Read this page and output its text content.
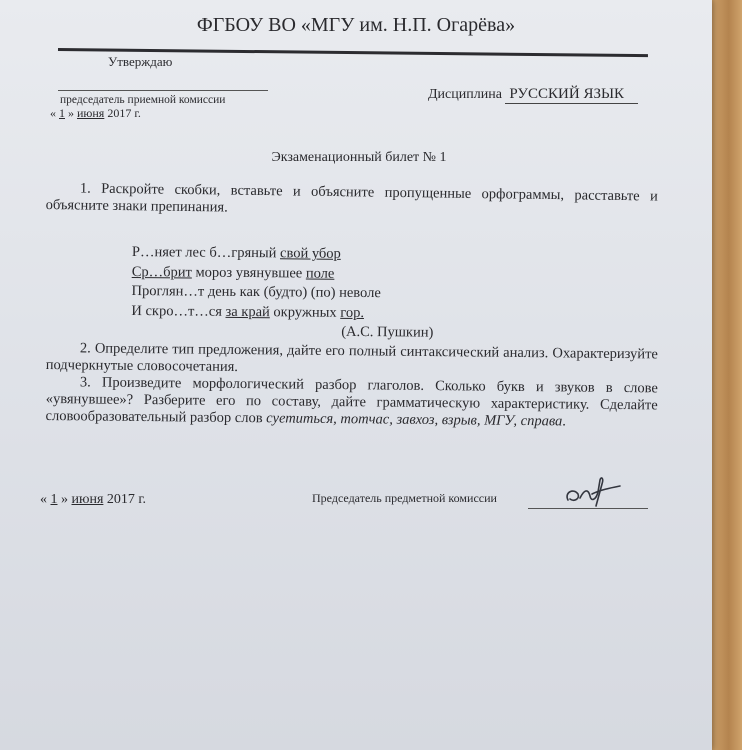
ФГБОУ ВО «МГУ им. Н.П. Огарёва»
Утверждаю
председатель приемной комиссии
« 1 » июня 2017 г.
Дисциплина РУССКИЙ ЯЗЫК
Экзаменационный билет № 1
1. Раскройте скобки, вставьте и объясните пропущенные орфограммы, расставьте и объясните знаки препинания.
Р…няет лес б…гряный свой убор
Ср…брит мороз увянувшее поле
Проглян…т день как (будто) (по) неволе
И скро…т…ся за край окружных гор.
(А.С. Пушкин)
2. Определите тип предложения, дайте его полный синтаксический анализ. Охарактеризуйте подчеркнутые словосочетания.
3. Произведите морфологический разбор глаголов. Сколько букв и звуков в слове «увянувшее»? Разберите его по составу, дайте грамматическую характеристику. Сделайте словообразовательный разбор слов суетиться, тотчас, завхоз, взрыв, МГУ, справа.
« 1 » июня 2017 г.	Председатель предметной комиссии
